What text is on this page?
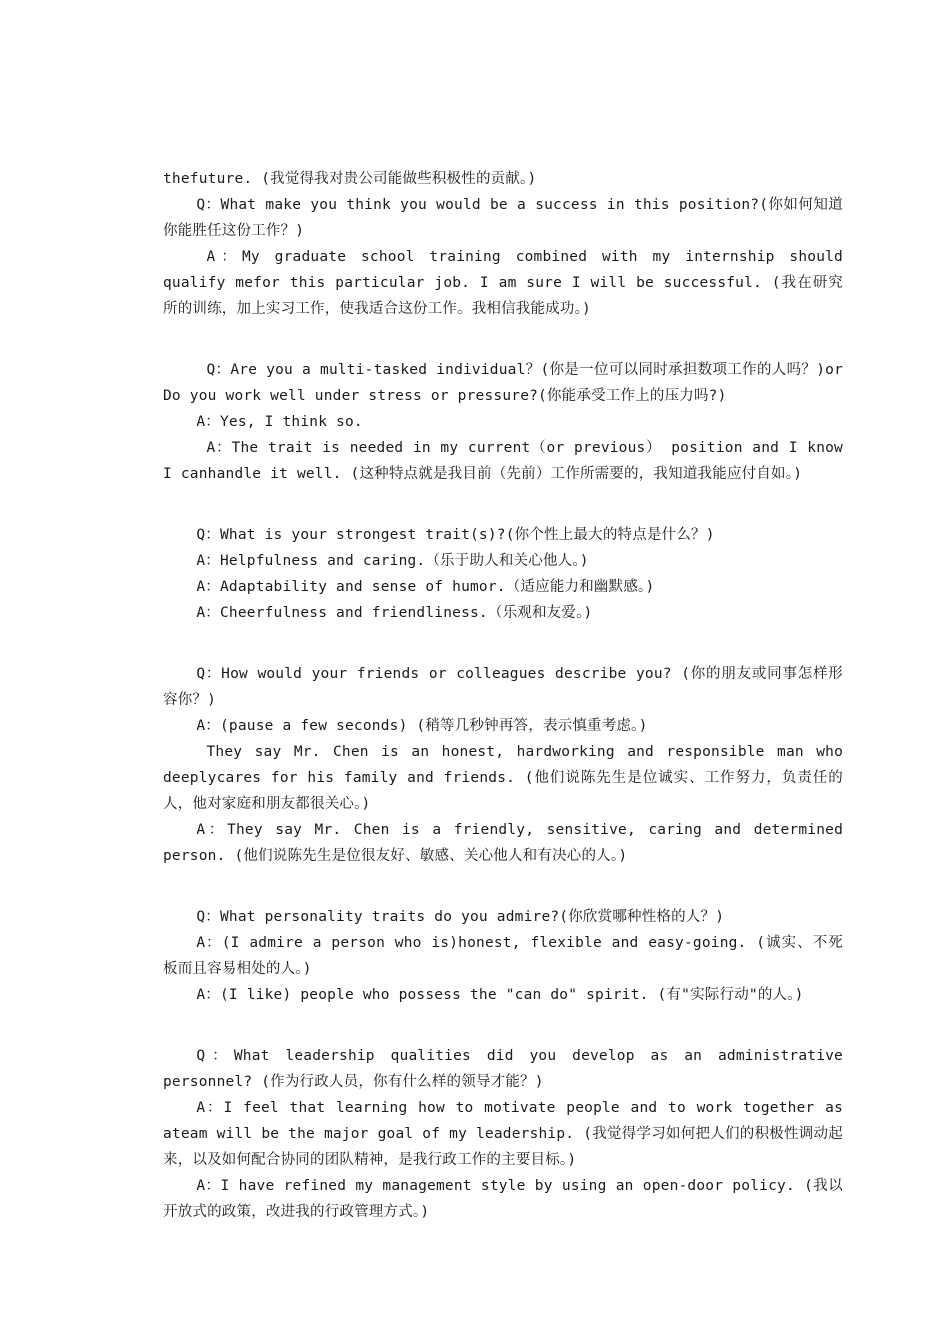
thefuture. (我觉得我对贵公司能做些积极性的贡献。)

Q：What make you think you would be a success in this position?(你如何知道你能胜任这份工作？)

A：My graduate school training combined with my internship should qualify mefor this particular job. I am sure I will be successful. (我在研究所的训练，加上实习工作，使我适合这份工作。我相信我能成功。)

Q：Are you a multi-tasked individual？(你是一位可以同时承担数项工作的人吗？)or Do you work well under stress or pressure?(你能承受工作上的压力吗?)

A：Yes, I think so.

A：The trait is needed in my current（or previous） position and I know I canhandle it well. (这种特点就是我目前（先前）工作所需要的，我知道我能应付自如。)

Q：What is your strongest trait(s)?(你个性上最大的特点是什么？)

A：Helpfulness and caring.（乐于助人和关心他人。)

A：Adaptability and sense of humor.（适应能力和幽默感。)

A：Cheerfulness and friendliness.（乐观和友爱。)

Q：How would your friends or colleagues describe you? (你的朋友或同事怎样形容你？)

A：(pause a few seconds) (稍等几秒钟再答，表示慎重考虑。)

They say Mr. Chen is an honest, hardworking and responsible man who deeplycares for his family and friends. (他们说陈先生是位诚实、工作努力，负责任的人，他对家庭和朋友都很关心。)

A：They say Mr. Chen is a friendly, sensitive, caring and determined person. (他们说陈先生是位很友好、敏感、关心他人和有决心的人。)

Q：What personality traits do you admire?(你欣赏哪种性格的人？)

A：(I admire a person who is)honest, flexible and easy-going. (诚实、不死板而且容易相处的人。)

A：(I like) people who possess the "can do" spirit. (有"实际行动"的人。)

Q：What leadership qualities did you develop as an administrative personnel? (作为行政人员，你有什么样的领导才能？)

A：I feel that learning how to motivate people and to work together as ateam will be the major goal of my leadership. (我觉得学习如何把人们的积极性调动起来，以及如何配合协同的团队精神，是我行政工作的主要目标。)

A：I have refined my management style by using an open-door policy. (我以开放式的政策，改进我的行政管理方式。)
